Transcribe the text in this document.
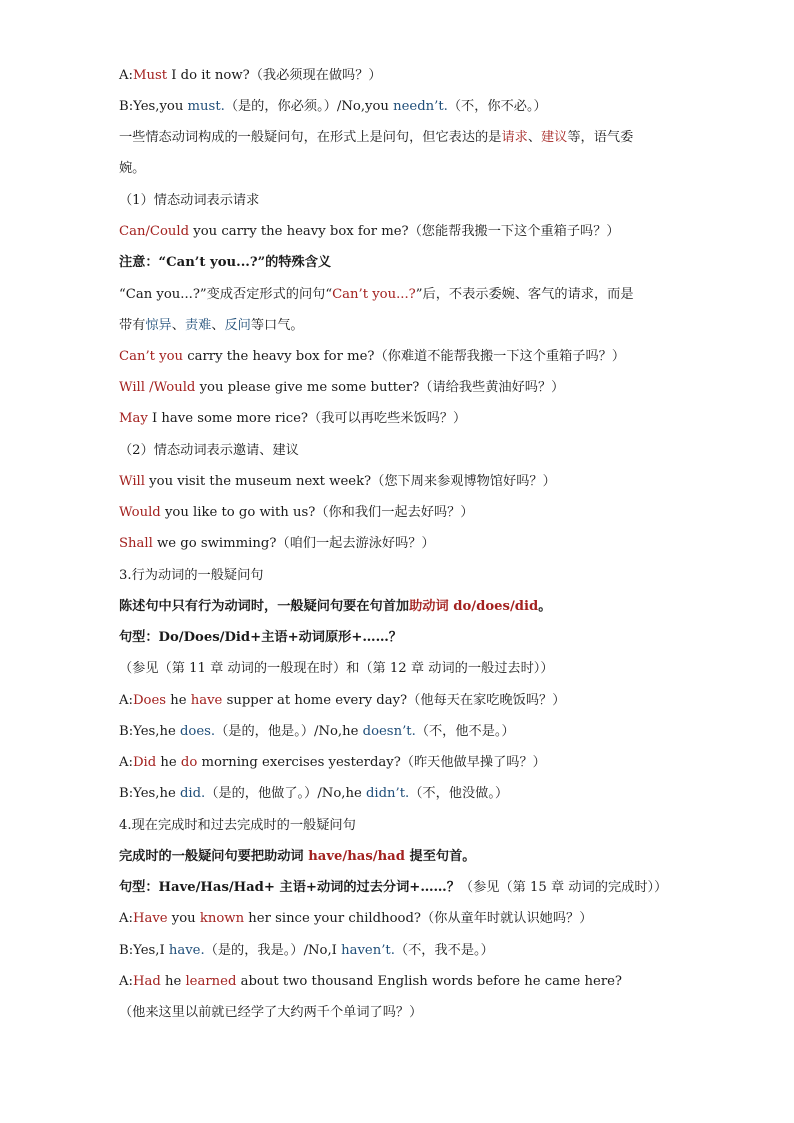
A:Must I do it now?（我必须现在做吗？）
B:Yes,you must.（是的，你必须。）/No,you needn’t.（不，你不必。）
一些情态动词构成的一般疑问句，在形式上是问句，但它表达的是请求、建议等，语气委
婉。
（1）情态动词表示请求
Can/Could you carry the heavy box for me?（您能帮我搬一下这个重箱子吗？）
注意：“Can’t you...?”的特殊含义
“Can you...?”变成否定形式的问句“Can’t you...?”后，不表示委婉、客气的请求，而是
带有惊异、责难、反问等口气。
Can’t you carry the heavy box for me?（你难道不能帮我搬一下这个重箱子吗？）
Will /Would you please give me some butter?（请给我些黄油好吗？）
May I have some more rice?（我可以再吃些米饭吗？）
（2）情态动词表示邀请、建议
Will you visit the museum next week?（您下周来参观博物馆好吗？）
Would you like to go with us?（你和我们一起去好吗？）
Shall we go swimming?（咱们一起去游泳好吗？）
3.行为动词的一般疑问句
陈述句中只有行为动词时，一般疑问句要在句首加助动词 do/does/did。
句型：Do/Does/Did+主语+动词原形+……？
（参见（第 11 章 动词的一般现在时）和（第 12 章 动词的一般过去时））
A:Does he have supper at home every day?（他每天在家吃晚饭吗？）
B:Yes,he does.（是的，他是。）/No,he doesn’t.（不，他不是。）
A:Did he do morning exercises yesterday?（昨天他做早操了吗？）
B:Yes,he did.（是的，他做了。）/No,he didn’t.（不，他没做。）
4.现在完成时和过去完成时的一般疑问句
完成时的一般疑问句要把助动词 have/has/had 提至句首。
句型：Have/Has/Had+ 主语+动词的过去分词+……？（参见（第 15 章 动词的完成时））
A:Have you known her since your childhood?（你从童年时就认识她吗？）
B:Yes,I have.（是的，我是。）/No,I haven’t.（不，我不是。）
A:Had he learned about two thousand English words before he came here?
（他来这里以前就已经学了大约两千个单词了吗？）
